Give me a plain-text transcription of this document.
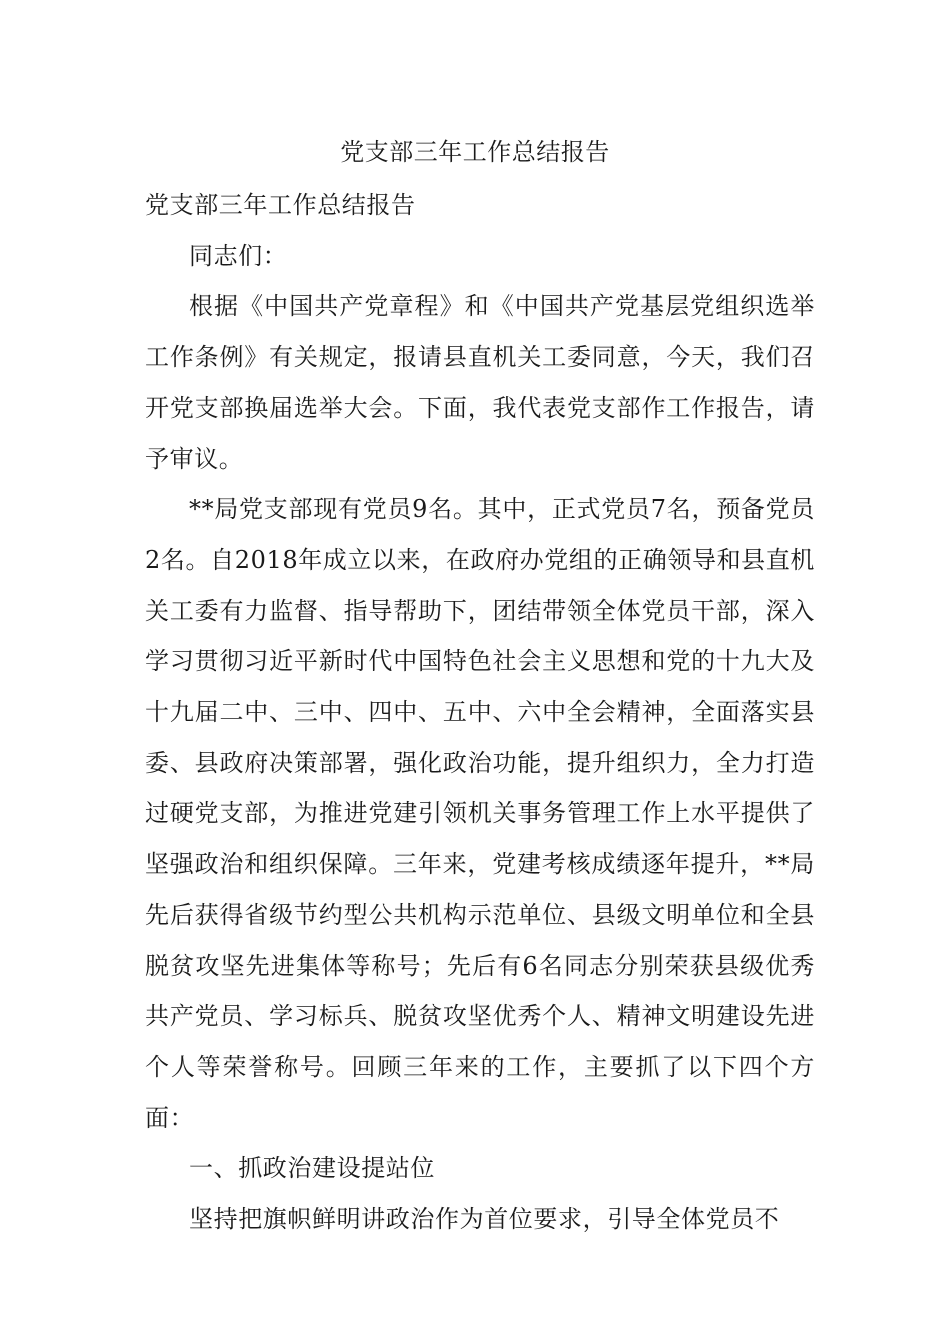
党支部三年工作总结报告

党支部三年工作总结报告

同志们：

根据《中国共产党章程》和《中国共产党基层党组织选举工作条例》有关规定，报请县直机关工委同意，今天，我们召开党支部换届选举大会。下面，我代表党支部作工作报告，请予审议。

**局党支部现有党员9名。其中，正式党员7名，预备党员2名。自2018年成立以来，在政府办党组的正确领导和县直机关工委有力监督、指导帮助下，团结带领全体党员干部，深入学习贯彻习近平新时代中国特色社会主义思想和党的十九大及十九届二中、三中、四中、五中、六中全会精神，全面落实县委、县政府决策部署，强化政治功能，提升组织力，全力打造过硬党支部，为推进党建引领机关事务管理工作上水平提供了坚强政治和组织保障。三年来，党建考核成绩逐年提升，**局先后获得省级节约型公共机构示范单位、县级文明单位和全县脱贫攻坚先进集体等称号；先后有6名同志分别荣获县级优秀共产党员、学习标兵、脱贫攻坚优秀个人、精神文明建设先进个人等荣誉称号。回顾三年来的工作，主要抓了以下四个方面：

一、抓政治建设提站位

坚持把旗帜鲜明讲政治作为首位要求，引导全体党员不
